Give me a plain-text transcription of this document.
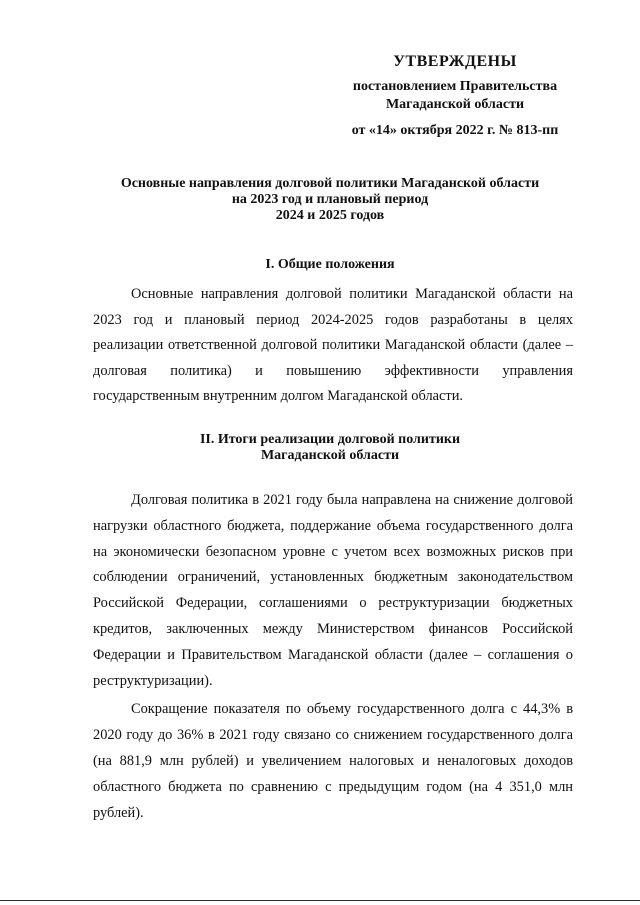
УТВЕРЖДЕНЫ
постановлением Правительства
Магаданской области
от «14» октября 2022 г. № 813-пп
Основные направления долговой политики Магаданской области
на 2023 год и плановый период
2024 и 2025 годов
I. Общие положения

Основные направления долговой политики Магаданской области на 2023 год и плановый период 2024-2025 годов разработаны в целях реализации ответственной долговой политики Магаданской области (далее – долговая политика) и повышению эффективности управления государственным внутренним долгом Магаданской области.

II. Итоги реализации долговой политики
Магаданской области

Долговая политика в 2021 году была направлена на снижение долговой нагрузки областного бюджета, поддержание объема государственного долга на экономически безопасном уровне с учетом всех возможных рисков при соблюдении ограничений, установленных бюджетным законодательством Российской Федерации, соглашениями о реструктуризации бюджетных кредитов, заключенных между Министерством финансов Российской Федерации и Правительством Магаданской области (далее – соглашения о реструктуризации).

Сокращение показателя по объему государственного долга с 44,3% в 2020 году до 36% в 2021 году связано со снижением государственного долга (на 881,9 млн рублей) и увеличением налоговых и неналоговых доходов областного бюджета по сравнению с предыдущим годом (на 4 351,0 млн рублей).
